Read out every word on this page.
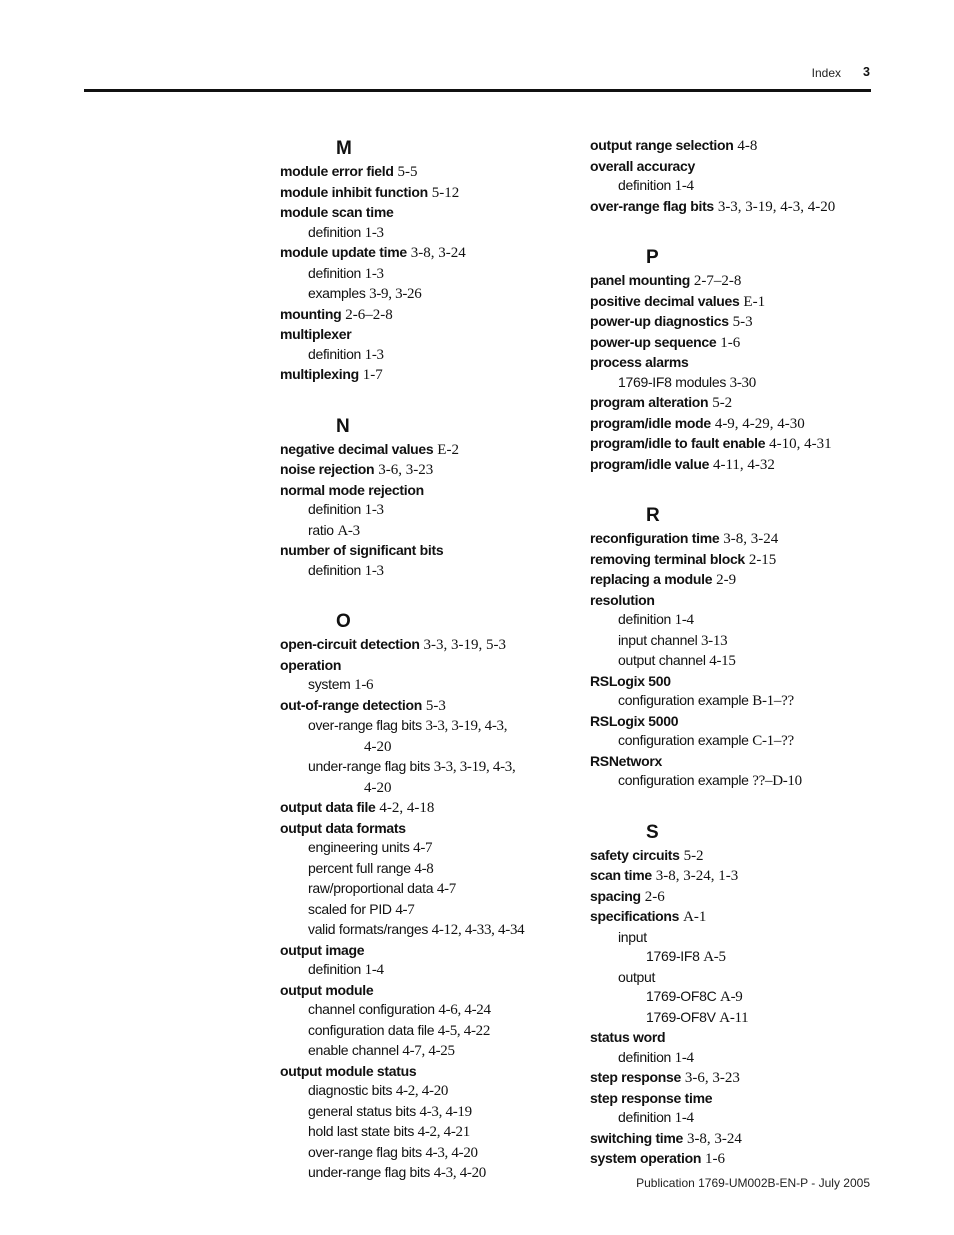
Index 3
M
module error field 5-5
module inhibit function 5-12
module scan time
definition 1-3
module update time 3-8, 3-24
definition 1-3
examples 3-9, 3-26
mounting 2-6–2-8
multiplexer
definition 1-3
multiplexing 1-7
N
negative decimal values E-2
noise rejection 3-6, 3-23
normal mode rejection
definition 1-3
ratio A-3
number of significant bits
definition 1-3
O
open-circuit detection 3-3, 3-19, 5-3
operation
system 1-6
out-of-range detection 5-3
over-range flag bits 3-3, 3-19, 4-3,
4-20
under-range flag bits 3-3, 3-19, 4-3,
4-20
output data file 4-2, 4-18
output data formats
engineering units 4-7
percent full range 4-8
raw/proportional data 4-7
scaled for PID 4-7
valid formats/ranges 4-12, 4-33, 4-34
output image
definition 1-4
output module
channel configuration 4-6, 4-24
configuration data file 4-5, 4-22
enable channel 4-7, 4-25
output module status
diagnostic bits 4-2, 4-20
general status bits 4-3, 4-19
hold last state bits 4-2, 4-21
over-range flag bits 4-3, 4-20
under-range flag bits 4-3, 4-20
output range selection 4-8
overall accuracy
definition 1-4
over-range flag bits 3-3, 3-19, 4-3, 4-20
P
panel mounting 2-7–2-8
positive decimal values E-1
power-up diagnostics 5-3
power-up sequence 1-6
process alarms
1769-IF8 modules 3-30
program alteration 5-2
program/idle mode 4-9, 4-29, 4-30
program/idle to fault enable 4-10, 4-31
program/idle value 4-11, 4-32
R
reconfiguration time 3-8, 3-24
removing terminal block 2-15
replacing a module 2-9
resolution
definition 1-4
input channel 3-13
output channel 4-15
RSLogix 500
configuration example B-1–??
RSLogix 5000
configuration example C-1–??
RSNetworx
configuration example ??–D-10
S
safety circuits 5-2
scan time 3-8, 3-24, 1-3
spacing 2-6
specifications A-1
input
1769-IF8 A-5
output
1769-OF8C A-9
1769-OF8V A-11
status word
definition 1-4
step response 3-6, 3-23
step response time
definition 1-4
switching time 3-8, 3-24
system operation 1-6
Publication 1769-UM002B-EN-P - July 2005
